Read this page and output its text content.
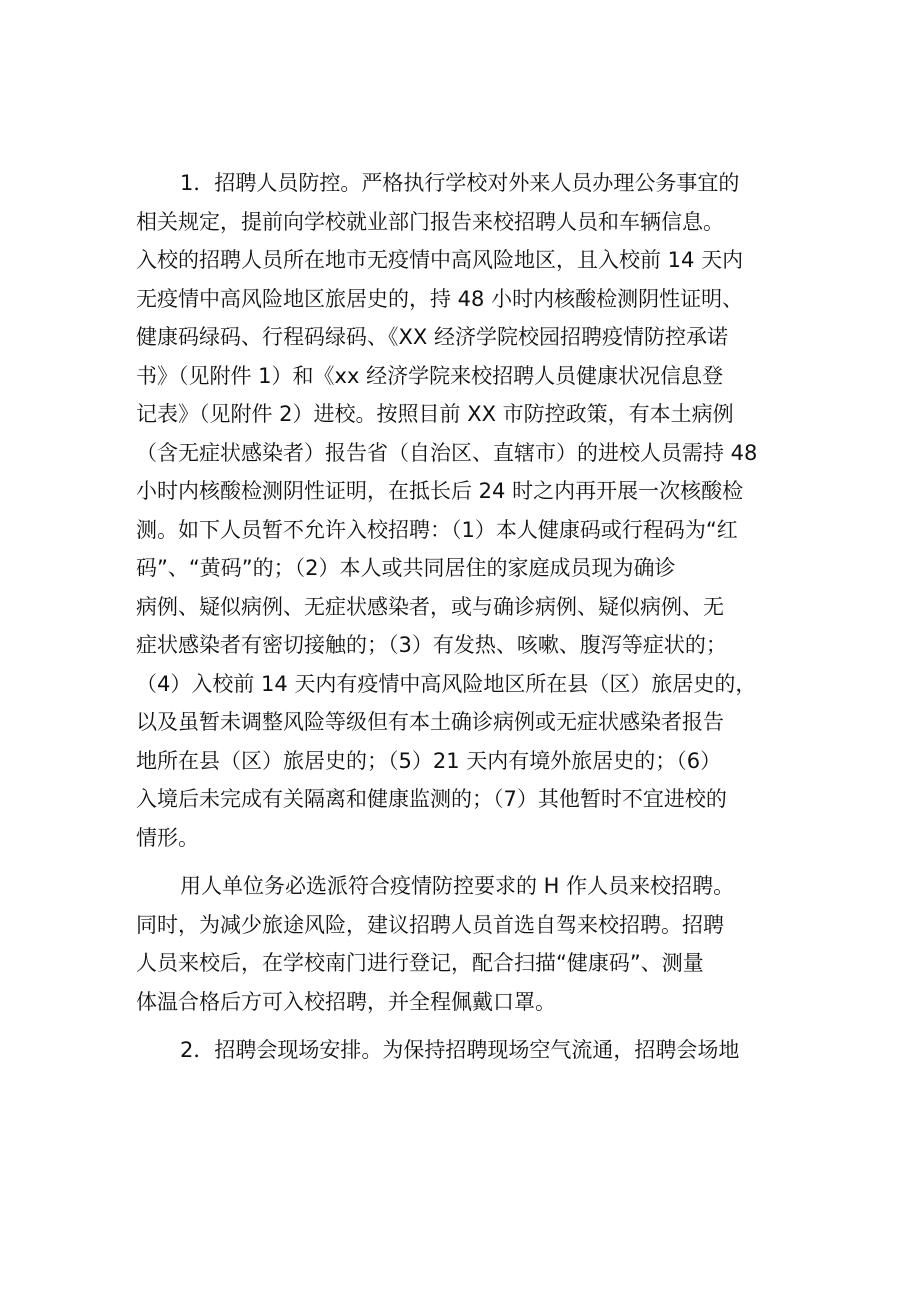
1．招聘人员防控。严格执行学校对外来人员办理公务事宜的
相关规定，提前向学校就业部门报告来校招聘人员和车辆信息。
入校的招聘人员所在地市无疫情中高风险地区，且入校前 14 天内
无疫情中高风险地区旅居史的，持 48 小时内核酸检测阴性证明、
健康码绿码、行程码绿码、《XX 经济学院校园招聘疫情防控承诺
书》（见附件 1）和《xx 经济学院来校招聘人员健康状况信息登
记表》（见附件 2）进校。按照目前 XX 市防控政策，有本土病例
（含无症状感染者）报告省（自治区、直辖市）的进校人员需持 48
小时内核酸检测阴性证明，在抵长后 24 时之内再开展一次核酸检
测。如下人员暂不允许入校招聘：（1）本人健康码或行程码为“红
码”、“黄码”的；（2）本人或共同居住的家庭成员现为确诊
病例、疑似病例、无症状感染者，或与确诊病例、疑似病例、无
症状感染者有密切接触的；（3）有发热、咳嗽、腹泻等症状的；
（4）入校前 14 天内有疫情中高风险地区所在县（区）旅居史的，
以及虽暂未调整风险等级但有本土确诊病例或无症状感染者报告
地所在县（区）旅居史的；（5）21 天内有境外旅居史的；（6）
入境后未完成有关隔离和健康监测的；（7）其他暂时不宜进校的
情形。
用人单位务必选派符合疫情防控要求的 H 作人员来校招聘。
同时，为减少旅途风险，建议招聘人员首选自驾来校招聘。招聘
人员来校后，在学校南门进行登记，配合扫描“健康码”、测量
体温合格后方可入校招聘，并全程佩戴口罩。
2．招聘会现场安排。为保持招聘现场空气流通，招聘会场地
